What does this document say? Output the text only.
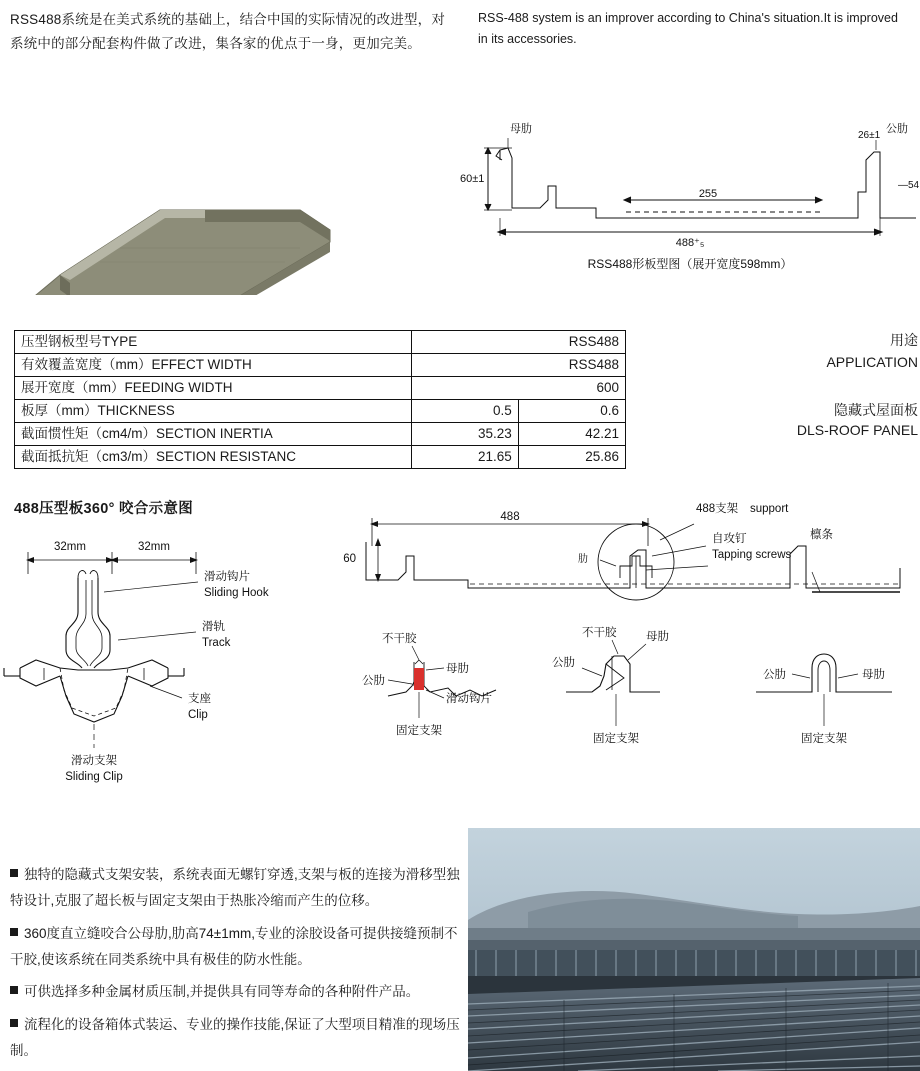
RSS488系统是在美式系统的基础上，结合中国的实际情况的改进型，对系统中的部分配套构件做了改进，集各家的优点于一身，更加完美。
RSS-488 system is an improver according to China's situation.It is improved in its accessories.
60±1
母肋	公肋
26±1
—54
255
488⁺₅
RSS488形板型图（展开宽度598mm）
压型钢板型号TYPE	RSS488	
有效覆盖宽度（mm）EFFECT WIDTH	RSS488	
展开宽度（mm）FEEDING WIDTH	600	
板厚（mm）THICKNESS	0.5	0.6
截面惯性矩（cm4/m）SECTION INERTIA	35.23	42.21
截面抵抗矩（cm3/m）SECTION RESISTANC	21.65	25.86
用途
APPLICATION
隐藏式屋面板
DLS-ROOF PANEL
488压型板360° 咬合示意图
32mm	32mm
滑动钩片
Sliding Hook
滑轨
Track
支座
Clip
滑动支架
Sliding Clip
488
60
488支架 support
自攻钉
Tapping screws
檩条
肋
不干胶
母肋
公肋
滑动钩片
固定支架
不干胶	母肋
公肋
固定支架
公肋	母肋
固定支架

独特的隐藏式支架安装，系统表面无螺钉穿透,支架与板的连接为滑移型独特设计,克服了超长板与固定支架由于热胀冷缩而产生的位移。

360度直立缝咬合公母肋,肋高74±1mm,专业的涂胶设备可提供接缝预制不干胶,使该系统在同类系统中具有极佳的防水性能。

可供选择多种金属材质压制,并提供具有同等寿命的各种附件产品。

流程化的设备箱体式装运、专业的操作技能,保证了大型项目精准的现场压制。
